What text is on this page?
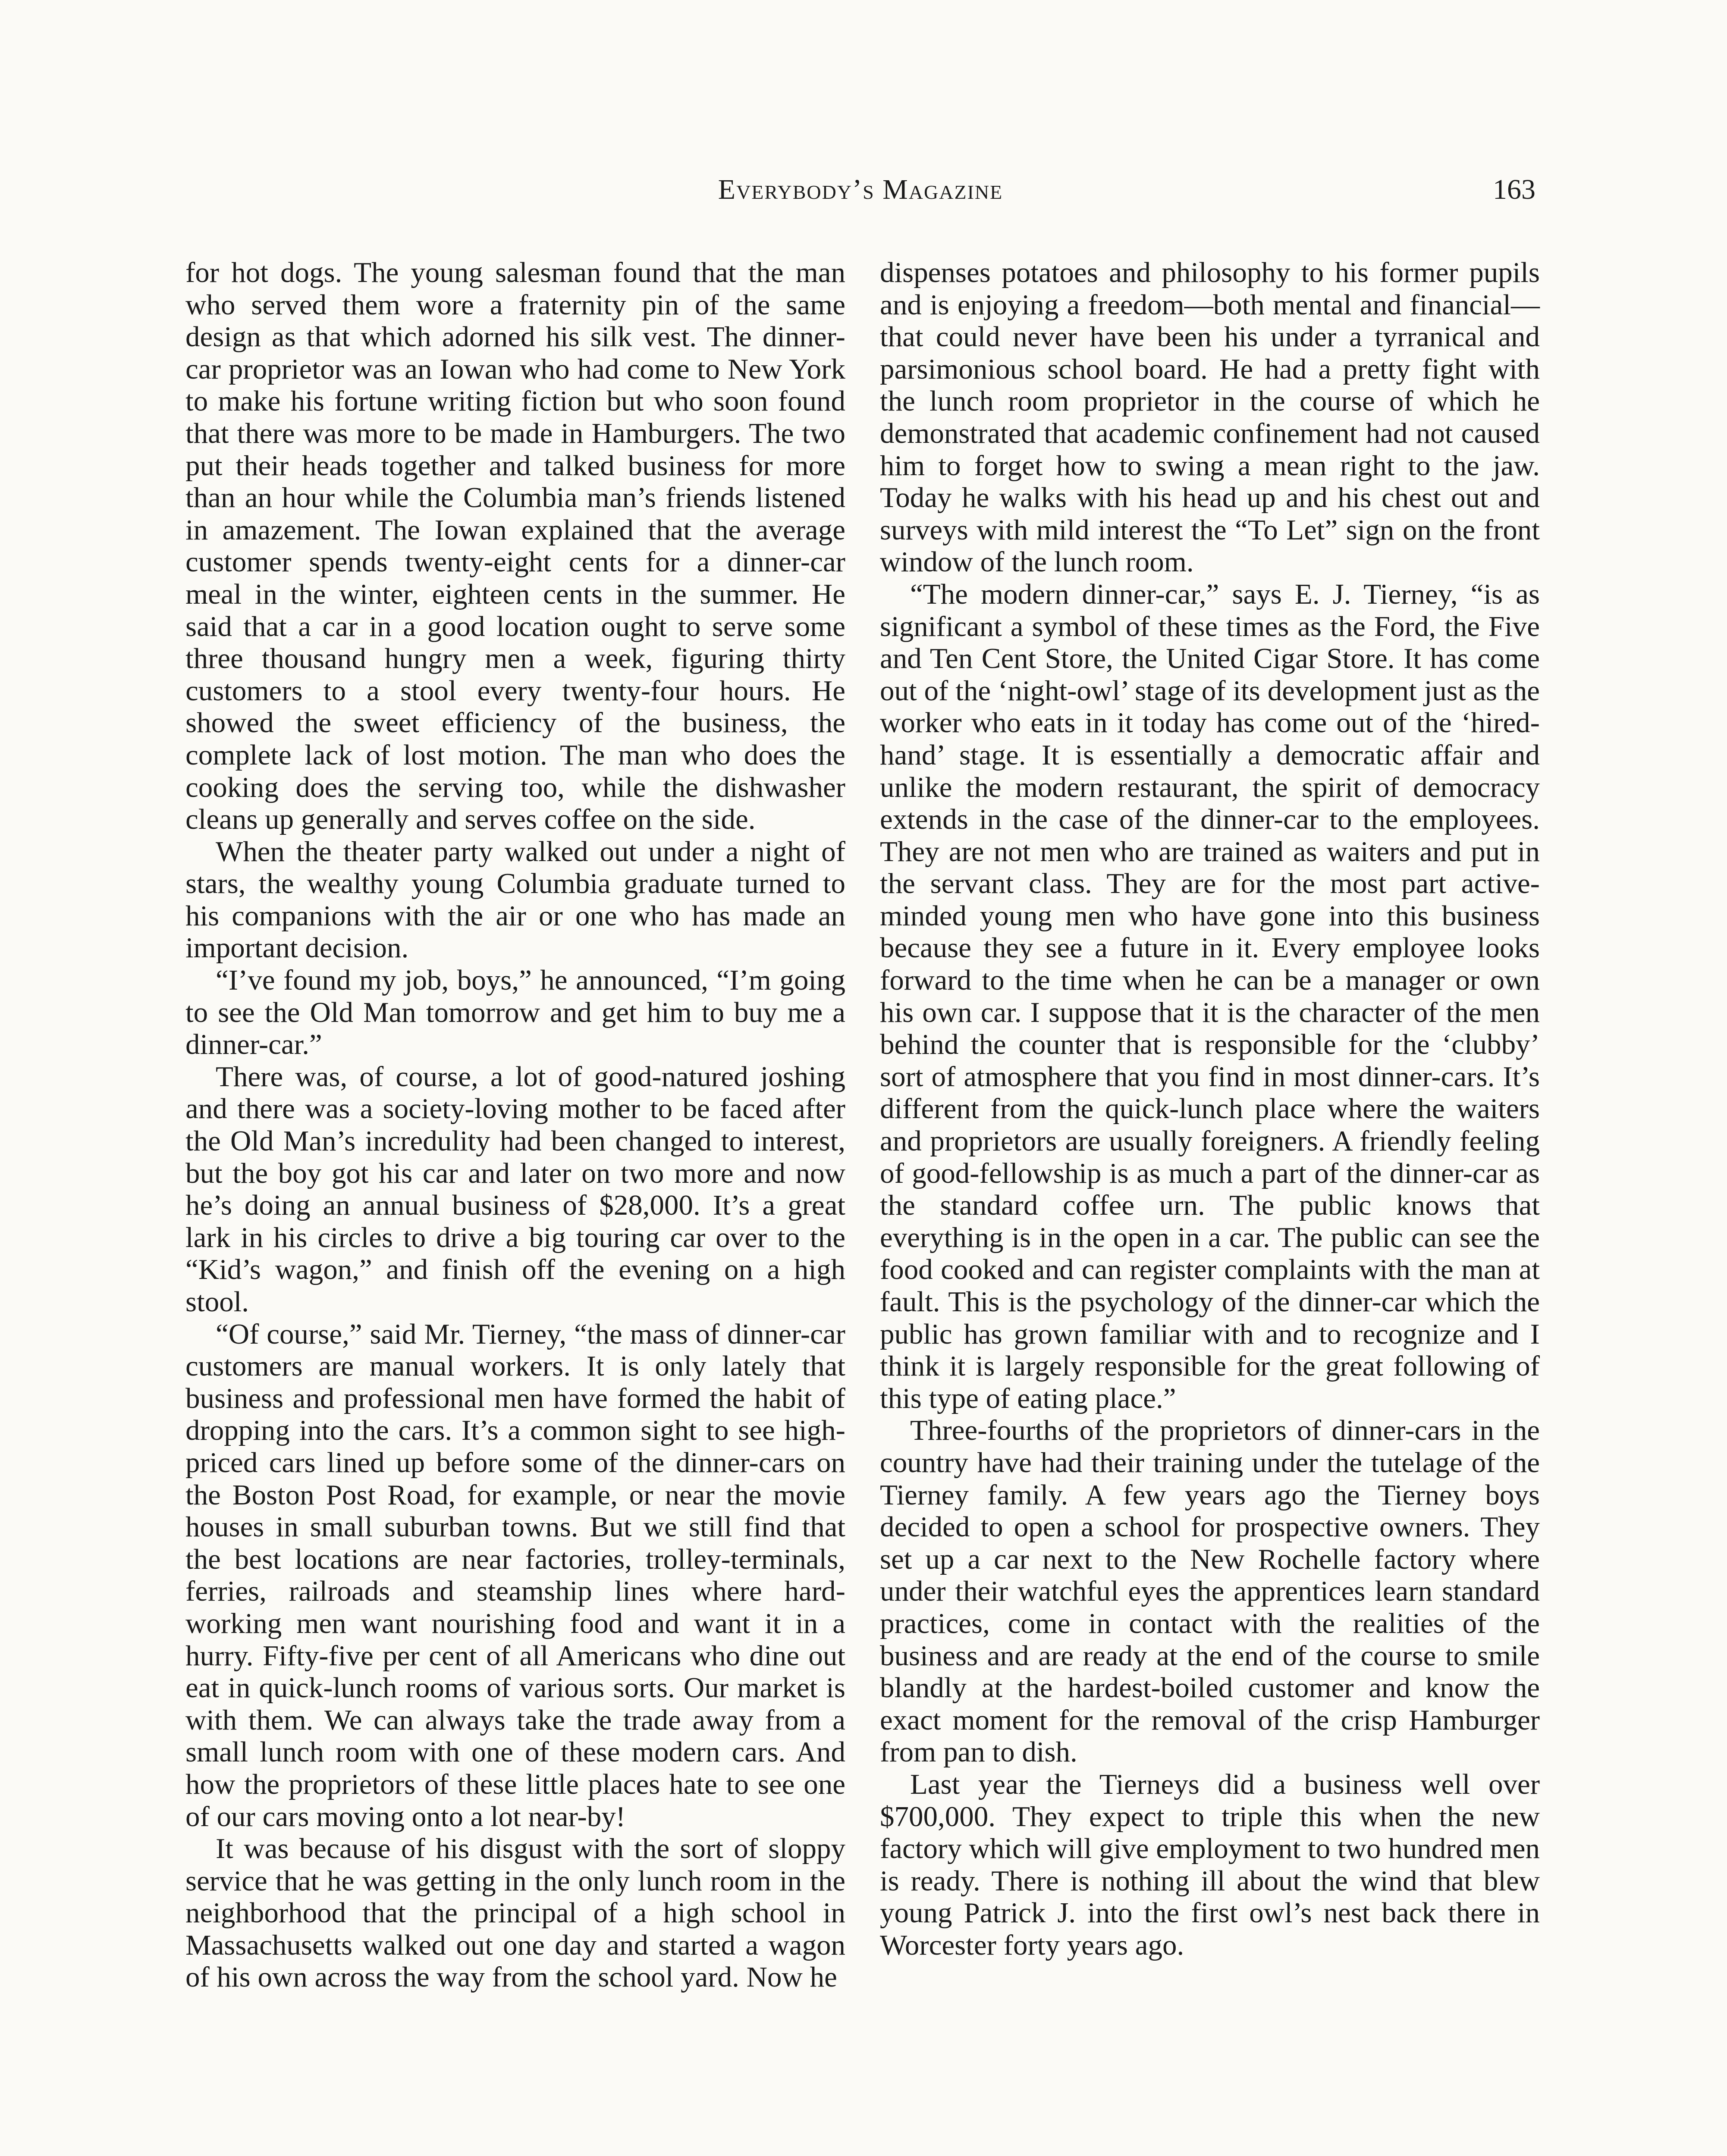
Everybody’s Magazine	163

for hot dogs. The young salesman found that the man who served them wore a fraternity pin of the same design as that which adorned his silk vest. The dinner-car proprietor was an Iowan who had come to New York to make his fortune writing fiction but who soon found that there was more to be made in Hamburgers. The two put their heads together and talked business for more than an hour while the Columbia man’s friends listened in amazement. The Iowan explained that the average customer spends twenty-eight cents for a dinner-car meal in the winter, eighteen cents in the summer. He said that a car in a good location ought to serve some three thousand hungry men a week, figuring thirty customers to a stool every twenty-four hours. He showed the sweet efficiency of the business, the complete lack of lost motion. The man who does the cooking does the serving too, while the dishwasher cleans up generally and serves coffee on the side.

When the theater party walked out under a night of stars, the wealthy young Columbia graduate turned to his companions with the air or one who has made an important decision.

“I’ve found my job, boys,” he announced, “I’m going to see the Old Man tomorrow and get him to buy me a dinner-car.”

There was, of course, a lot of good-natured joshing and there was a society-loving mother to be faced after the Old Man’s incredulity had been changed to interest, but the boy got his car and later on two more and now he’s doing an annual business of $28,000. It’s a great lark in his circles to drive a big touring car over to the “Kid’s wagon,” and finish off the evening on a high stool.

“Of course,” said Mr. Tierney, “the mass of dinner-car customers are manual workers. It is only lately that business and professional men have formed the habit of dropping into the cars. It’s a common sight to see high-priced cars lined up before some of the dinner-cars on the Boston Post Road, for example, or near the movie houses in small suburban towns. But we still find that the best locations are near factories, trolley-terminals, ferries, railroads and steamship lines where hard-working men want nourishing food and want it in a hurry. Fifty-five per cent of all Americans who dine out eat in quick-lunch rooms of various sorts. Our market is with them. We can always take the trade away from a small lunch room with one of these modern cars. And how the proprietors of these little places hate to see one of our cars moving onto a lot near-by!

It was because of his disgust with the sort of sloppy service that he was getting in the only lunch room in the neighborhood that the principal of a high school in Massachusetts walked out one day and started a wagon of his own across the way from the school yard. Now he

dispenses potatoes and philosophy to his former pupils and is enjoying a freedom—both mental and financial—that could never have been his under a tyrranical and parsimonious school board. He had a pretty fight with the lunch room proprietor in the course of which he demonstrated that academic confinement had not caused him to forget how to swing a mean right to the jaw. Today he walks with his head up and his chest out and surveys with mild interest the “To Let” sign on the front window of the lunch room.

“The modern dinner-car,” says E. J. Tierney, “is as significant a symbol of these times as the Ford, the Five and Ten Cent Store, the United Cigar Store. It has come out of the ‘night-owl’ stage of its development just as the worker who eats in it today has come out of the ‘hired-hand’ stage. It is essentially a democratic affair and unlike the modern restaurant, the spirit of democracy extends in the case of the dinner-car to the employees. They are not men who are trained as waiters and put in the servant class. They are for the most part active-minded young men who have gone into this business because they see a future in it. Every employee looks forward to the time when he can be a manager or own his own car. I suppose that it is the character of the men behind the counter that is responsible for the ‘clubby’ sort of atmosphere that you find in most dinner-cars. It’s different from the quick-lunch place where the waiters and proprietors are usually foreigners. A friendly feeling of good-fellowship is as much a part of the dinner-car as the standard coffee urn. The public knows that everything is in the open in a car. The public can see the food cooked and can register complaints with the man at fault. This is the psychology of the dinner-car which the public has grown familiar with and to recognize and I think it is largely responsible for the great following of this type of eating place.”

Three-fourths of the proprietors of dinner-cars in the country have had their training under the tutelage of the Tierney family. A few years ago the Tierney boys decided to open a school for prospective owners. They set up a car next to the New Rochelle factory where under their watchful eyes the apprentices learn standard practices, come in contact with the realities of the business and are ready at the end of the course to smile blandly at the hardest-boiled customer and know the exact moment for the removal of the crisp Hamburger from pan to dish.

Last year the Tierneys did a business well over $700,000. They expect to triple this when the new factory which will give employment to two hundred men is ready. There is nothing ill about the wind that blew young Patrick J. into the first owl’s nest back there in Worcester forty years ago.
